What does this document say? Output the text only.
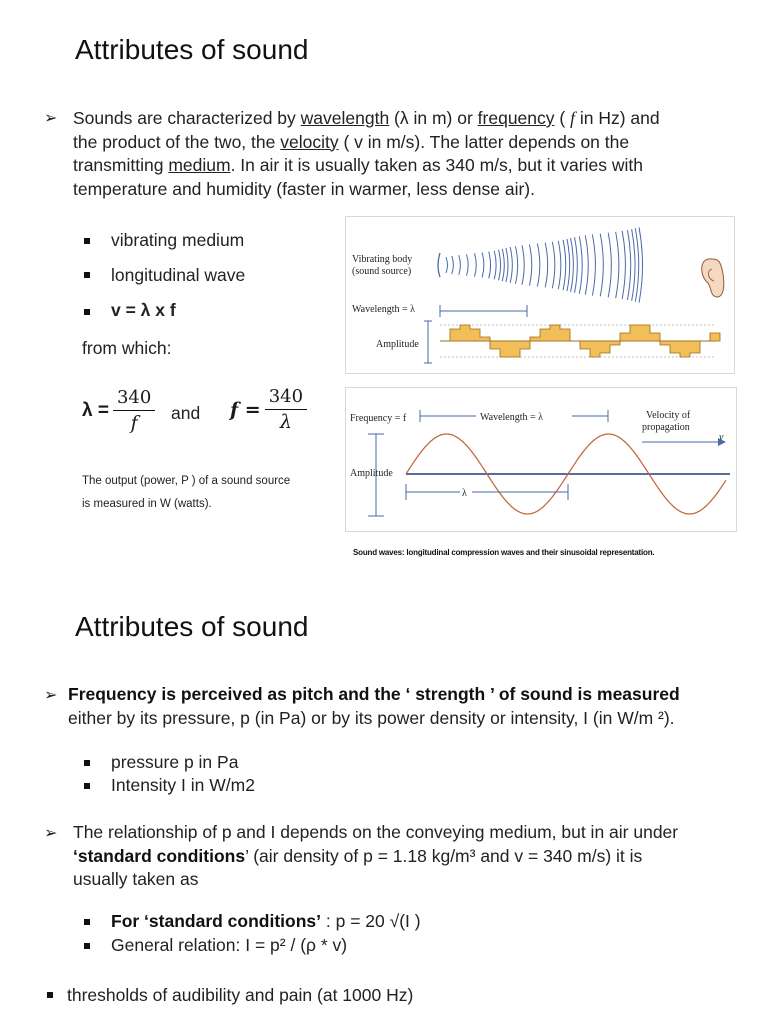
Attributes of sound
➢ Sounds are characterized by wavelength (λ in m) or frequency ( f in Hz) and
the product of the two, the velocity ( v in m/s). The latter depends on the
transmitting medium. In air it is usually taken as 340 m/s, but it varies with
temperature and humidity (faster in warmer, less dense air).
vibrating medium
longitudinal wave
v = λ x f
from which:
$\lambda = \frac{340}{f}$ and $f = \frac{340}{\lambda}$
The output (power, P ) of a sound source
is measured in W (watts).
Vibrating body
(sound source)
Wavelength = λ
Amplitude
Frequency = f	Wavelength = λ	Velocity of
propagation
v
Amplitude
λ
Sound waves: longitudinal compression waves and their sinusoidal representation.
Attributes of sound
➢ Frequency is perceived as pitch and the ‘ strength ’ of sound is measured
either by its pressure, p (in Pa) or by its power density or intensity, I (in W/m ²).
pressure p in Pa
Intensity I in W/m2
➢ The relationship of p and I depends on the conveying medium, but in air under
‘standard conditions’ (air density of p = 1.18 kg/m³ and v = 340 m/s) it is
usually taken as
For ‘standard conditions’ : p = 20 √(I )
General relation: I = p² / (ρ * v)
thresholds of audibility and pain (at 1000 Hz)
